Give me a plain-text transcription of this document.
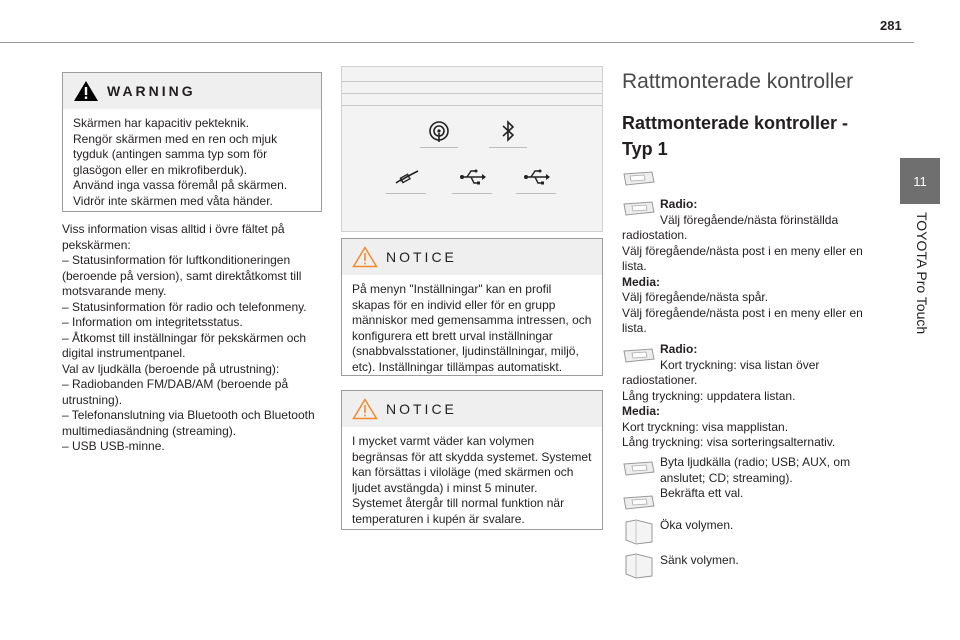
281
11
TOYOTA Pro Touch
WARNING

Skärmen har kapacitiv pekteknik.

Rengör skärmen med en ren och mjuk tygduk (antingen samma typ som för glasögon eller en mikrofiberduk).

Använd inga vassa föremål på skärmen.

Vidrör inte skärmen med våta händer.

Viss information visas alltid i övre fältet på pekskärmen:

– Statusinformation för luftkonditioneringen (beroende på version), samt direktåtkomst till motsvarande meny.

– Statusinformation för radio och telefonmeny.

– Information om integritetsstatus.

– Åtkomst till inställningar för pekskärmen och digital instrumentpanel.

Val av ljudkälla (beroende på utrustning):

– Radiobanden FM/DAB/AM (beroende på utrustning).

– Telefonanslutning via Bluetooth och Bluetooth multimediasändning (streaming).

– USB USB-minne.

NOTICE

På menyn "Inställningar" kan en profil skapas för en individ eller för en grupp människor med gemensamma intressen, och konfigurera ett brett urval inställningar (snabbvalsstationer, ljudinställningar, miljö, etc). Inställningar tillämpas automatiskt.

NOTICE

I mycket varmt väder kan volymen begränsas för att skydda systemet. Systemet kan försättas i viloläge (med skärmen och ljudet avstängda) i minst 5 minuter.

Systemet återgår till normal funktion när temperaturen i kupén är svalare.

Rattmonterade kontroller
Rattmonterade kontroller - Typ 1

Radio:

Välj föregående/nästa förinställda radiostation.

Välj föregående/nästa post i en meny eller en lista.

Media:

Välj föregående/nästa spår.

Välj föregående/nästa post i en meny eller en lista.

Radio:

Kort tryckning: visa listan över radiostationer.

Lång tryckning: uppdatera listan.

Media:

Kort tryckning: visa mapplistan.

Lång tryckning: visa sorteringsalternativ.

Byta ljudkälla (radio; USB; AUX, om anslutet; CD; streaming).
Bekräfta ett val.
Öka volymen.
Sänk volymen.
